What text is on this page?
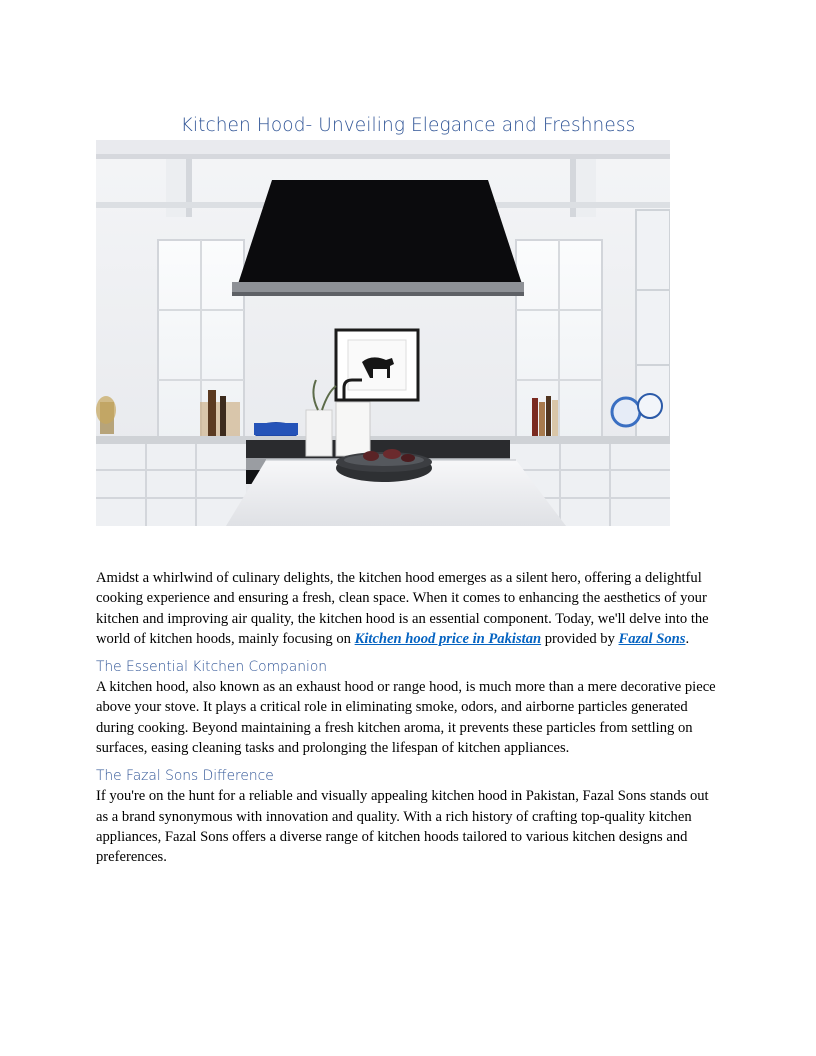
Kitchen Hood- Unveiling Elegance and Freshness

Amidst a whirlwind of culinary delights, the kitchen hood emerges as a silent hero, offering a delightful cooking experience and ensuring a fresh, clean space. When it comes to enhancing the aesthetics of your kitchen and improving air quality, the kitchen hood is an essential component. Today, we'll delve into the world of kitchen hoods, mainly focusing on Kitchen hood price in Pakistan provided by Fazal Sons.

The Essential Kitchen Companion

A kitchen hood, also known as an exhaust hood or range hood, is much more than a mere decorative piece above your stove. It plays a critical role in eliminating smoke, odors, and airborne particles generated during cooking. Beyond maintaining a fresh kitchen aroma, it prevents these particles from settling on surfaces, easing cleaning tasks and prolonging the lifespan of kitchen appliances.

The Fazal Sons Difference

If you're on the hunt for a reliable and visually appealing kitchen hood in Pakistan, Fazal Sons stands out as a brand synonymous with innovation and quality. With a rich history of crafting top-quality kitchen appliances, Fazal Sons offers a diverse range of kitchen hoods tailored to various kitchen designs and preferences.
